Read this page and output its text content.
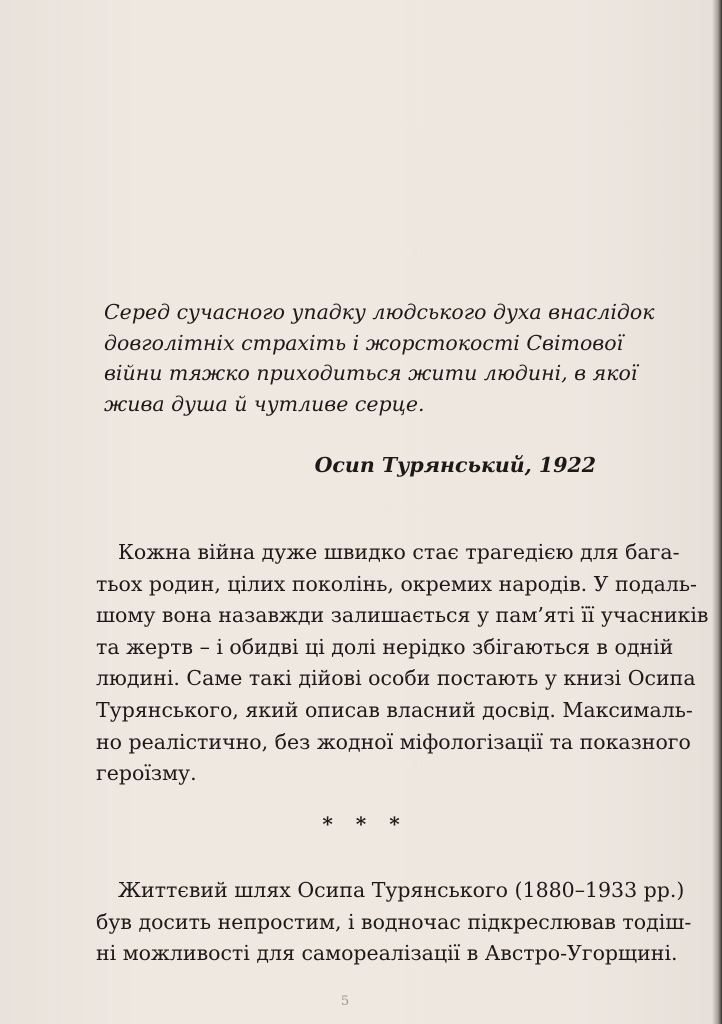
Серед сучасного упадку людського духа внаслідок
довголітніх страхіть і жорстокості Світової
війни тяжко приходиться жити людині, в якої
жива душа й чутливе серце.
Осип Турянський, 1922
Кожна війна дуже швидко стає трагедією для бага-
тьох родин, цілих поколінь, окремих народів. У подаль-
шому вона назавжди залишається у пам’яті її учасників
та жертв – і обидві ці долі нерідко збігаються в одній
людині. Саме такі дійові особи постають у книзі Осипа
Турянського, який описав власний досвід. Максималь-
но реалістично, без жодної міфологізації та показного
героїзму.
* * *
Життєвий шлях Осипа Турянського (1880–1933 рр.)
був досить непростим, і водночас підкреслював тодіш-
ні можливості для самореалізації в Австро-Угорщині.
5
